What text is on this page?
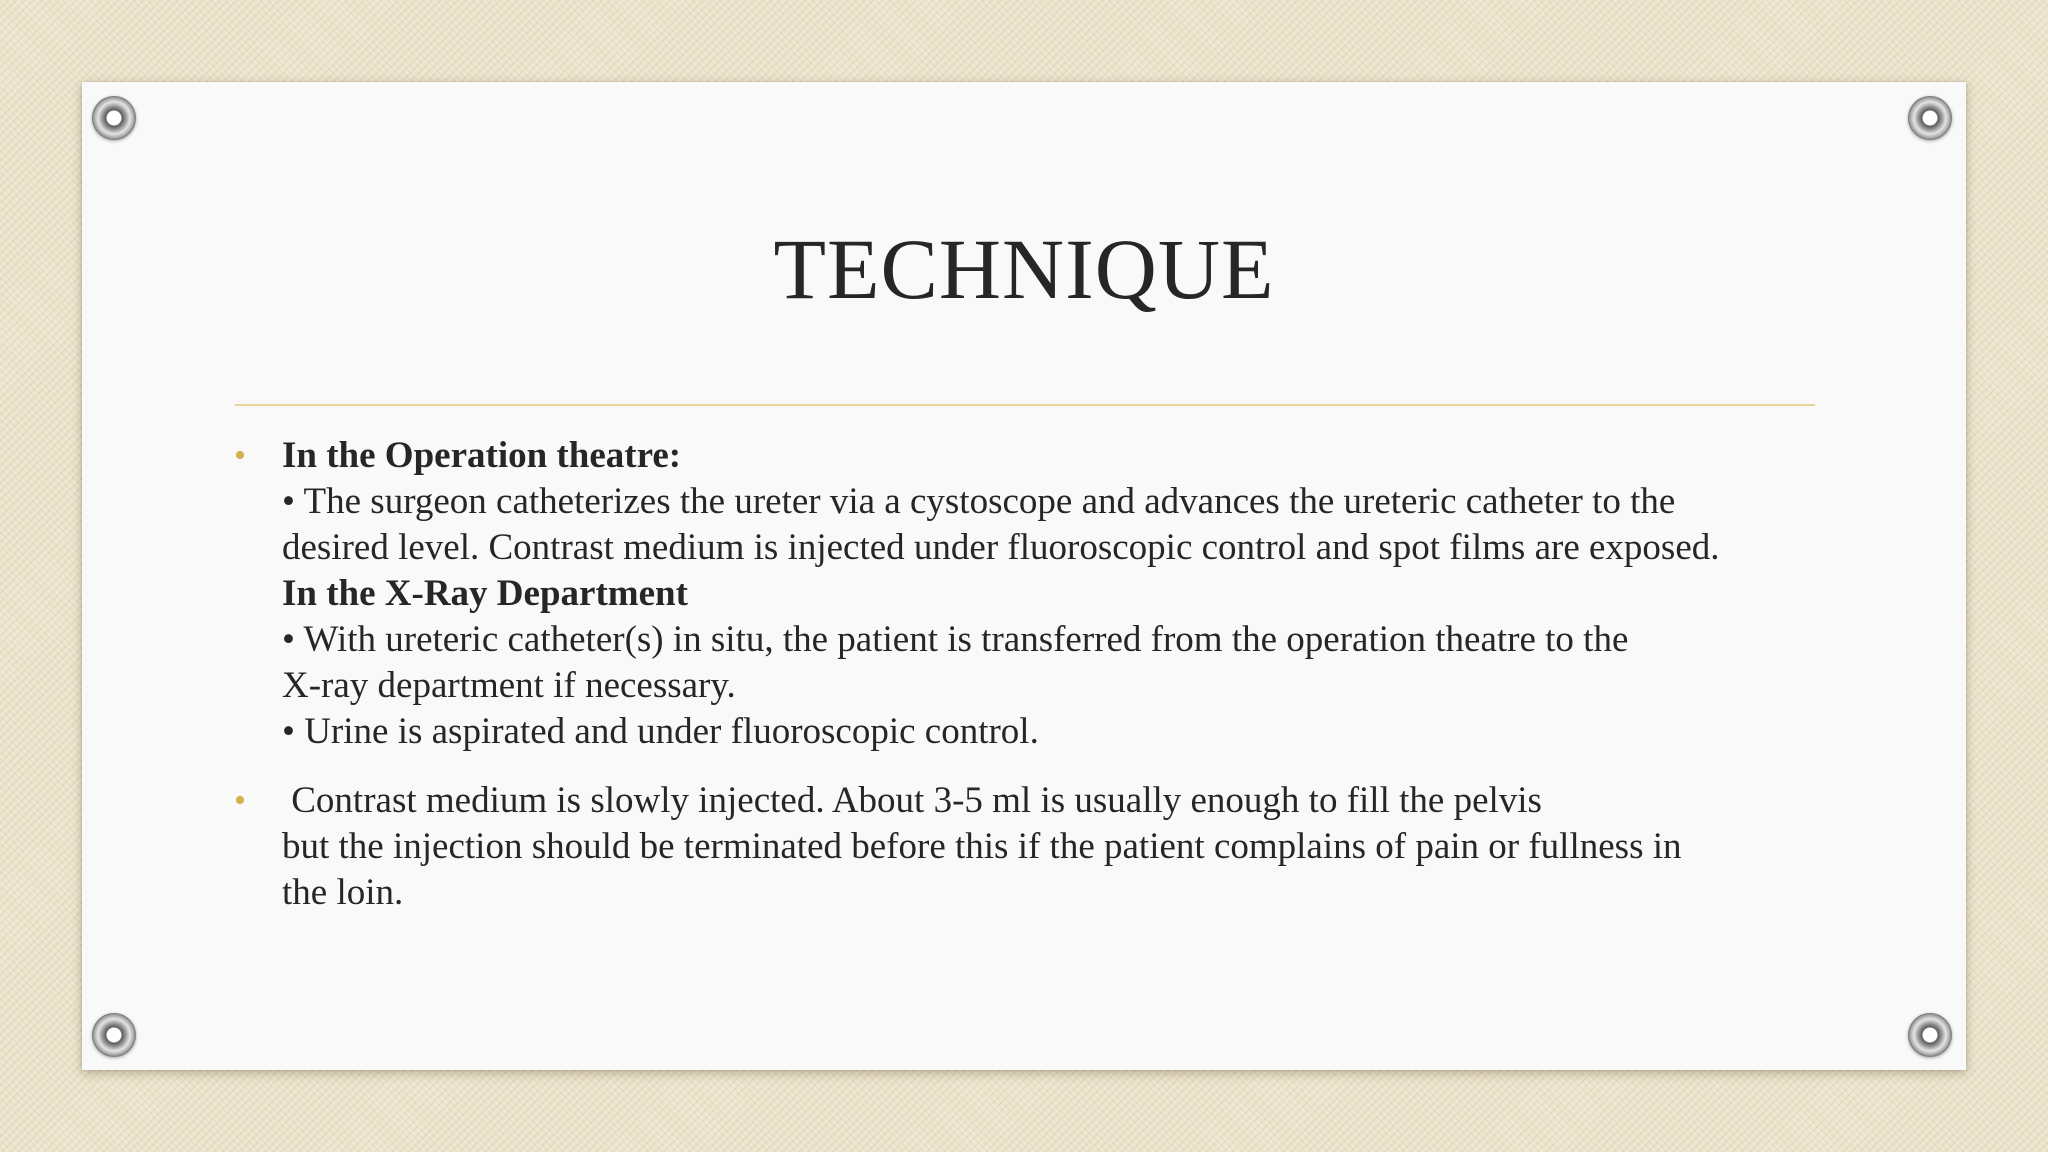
TECHNIQUE
• In the Operation theatre:
• The surgeon catheterizes the ureter via a cystoscope and advances the ureteric catheter to the
desired level. Contrast medium is injected under fluoroscopic control and spot films are exposed.
In the X-Ray Department
• With ureteric catheter(s) in situ, the patient is transferred from the operation theatre to the
X-ray department if necessary.
• Urine is aspirated and under fluoroscopic control.
• Contrast medium is slowly injected. About 3-5 ml is usually enough to fill the pelvis
but the injection should be terminated before this if the patient complains of pain or fullness in
the loin.
